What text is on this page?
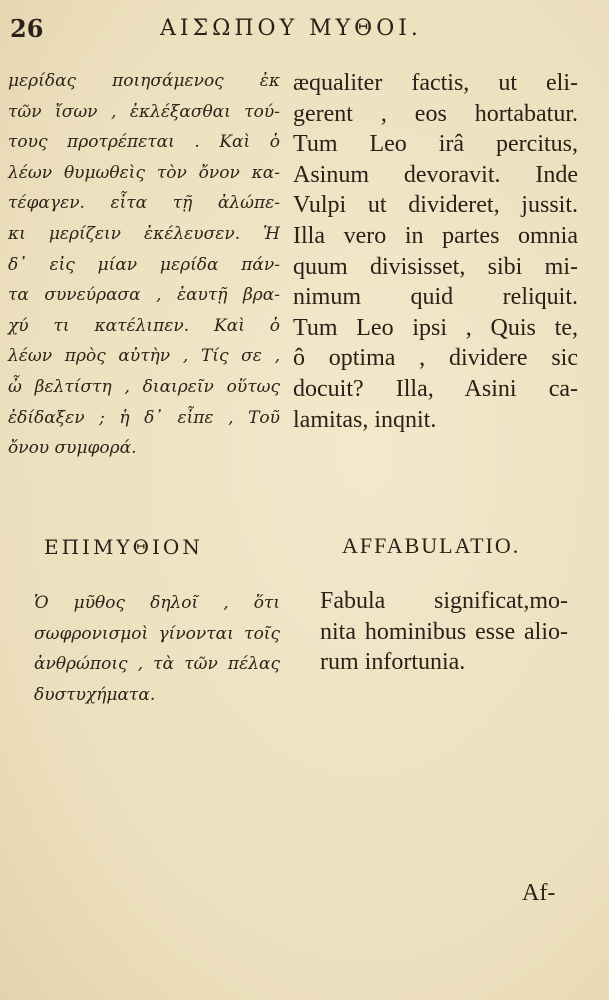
26	ΑΙΣΩΠΟΥ ΜΥΘΟΙ.

μερίδας ποιησάμενος ἐκ
τῶν ἴσων , ἐκλέξασθαι τού-
τους προτρέπεται . Καὶ ὁ
λέων θυμωθεὶς τὸν ὄνον κα-
τέφαγεν. εἶτα τῇ ἀλώπε-
κι μερίζειν ἐκέλευσεν. Ἡ
δ᾽ εἰς μίαν μερίδα πάν-
τα συνεύρασα , ἑαυτῇ βρα-
χύ τι κατέλιπεν. Καὶ ὁ
λέων πρὸς αὐτὴν , Τίς σε ,
ὦ βελτίστη , διαιρεῖν οὕτως
ἐδίδαξεν ; ἡ δ᾽ εἶπε , Τοῦ
ὄνου συμφορά.

æqualiter factis, ut eli-
gerent , eos hortabatur.
Tum Leo irâ percitus,
Asinum devoravit. Inde
Vulpi ut divideret, jussit.
Illa vero in partes omnia
quum divisisset, sibi mi-
nimum quid reliquit.
Tum Leo ipsi , Quis te,
ô optima , dividere sic
docuit? Illa, Asini ca-
lamitas, inqnit.

ΕΠΙΜΥΘΙΟΝ	AFFABULATIO.
Ὁ μῦθος δηλοῖ , ὅτι
σωφρονισμοὶ γίνονται τοῖς
ἀνθρώποις , τὰ τῶν πέλας
δυστυχήματα.
Fabula significat,mo-
nita hominibus esse alio-
rum infortunia.
Af-
